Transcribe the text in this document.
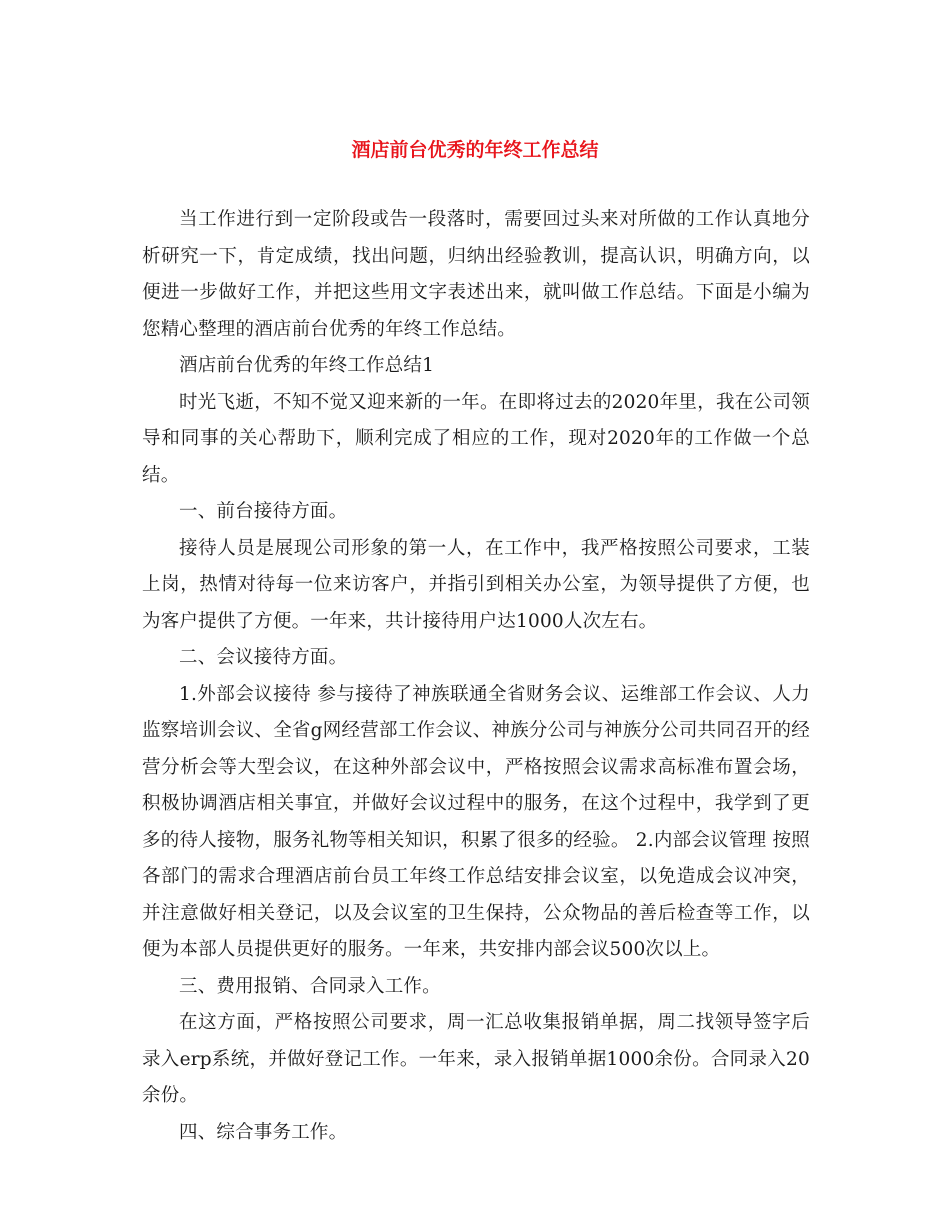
酒店前台优秀的年终工作总结

当工作进行到一定阶段或告一段落时，需要回过头来对所做的工作认真地分析研究一下，肯定成绩，找出问题，归纳出经验教训，提高认识，明确方向，以便进一步做好工作，并把这些用文字表述出来，就叫做工作总结。下面是小编为您精心整理的酒店前台优秀的年终工作总结。

酒店前台优秀的年终工作总结1

时光飞逝，不知不觉又迎来新的一年。在即将过去的2020年里，我在公司领导和同事的关心帮助下，顺利完成了相应的工作，现对2020年的工作做一个总结。

一、前台接待方面。

接待人员是展现公司形象的第一人，在工作中，我严格按照公司要求，工装上岗，热情对待每一位来访客户，并指引到相关办公室，为领导提供了方便，也为客户提供了方便。一年来，共计接待用户达1000人次左右。

二、会议接待方面。

1.外部会议接待 参与接待了神族联通全省财务会议、运维部工作会议、人力监察培训会议、全省g网经营部工作会议、神族分公司与神族分公司共同召开的经营分析会等大型会议，在这种外部会议中，严格按照会议需求高标准布置会场，积极协调酒店相关事宜，并做好会议过程中的服务，在这个过程中，我学到了更多的待人接物，服务礼物等相关知识，积累了很多的经验。 2.内部会议管理 按照各部门的需求合理酒店前台员工年终工作总结安排会议室，以免造成会议冲突，并注意做好相关登记，以及会议室的卫生保持，公众物品的善后检查等工作，以便为本部人员提供更好的服务。一年来，共安排内部会议500次以上。

三、费用报销、合同录入工作。

在这方面，严格按照公司要求，周一汇总收集报销单据，周二找领导签字后录入erp系统，并做好登记工作。一年来，录入报销单据1000余份。合同录入20余份。

四、综合事务工作。
